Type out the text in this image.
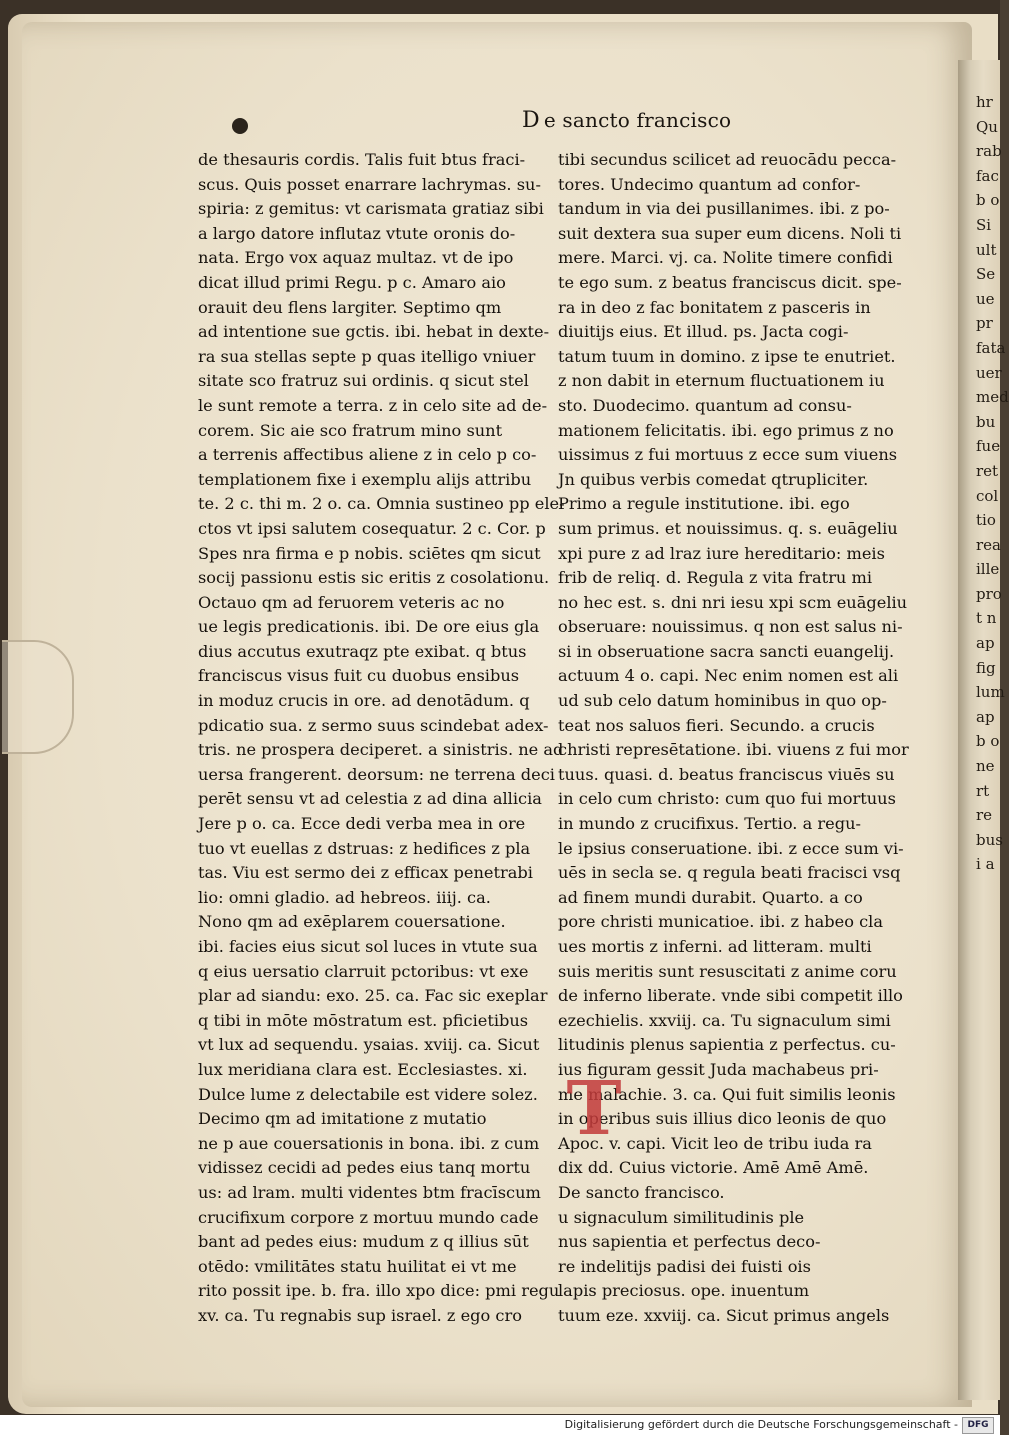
D e sancto francisco
de thesauris cordis. Talis fuit btus fraci-
scus. Quis posset enarrare lachrymas. su-
spiria: z gemitus: vt carismata gratiaz sibi
a largo datore influtaz vtute oronis do-
nata. Ergo vox aquaz multaz. vt de ipo
dicat illud primi Regu. p c. Amaro aio
orauit deu flens largiter. Septimo qm
ad intentione sue gctis. ibi. hebat in dexte-
ra sua stellas septe p quas itelligo vniuer
sitate sco fratruz sui ordinis. q sicut stel
le sunt remote a terra. z in celo site ad de-
corem. Sic aie sco fratrum mino sunt
a terrenis affectibus aliene z in celo p co-
templationem fixe i exemplu alijs attribu
te. 2 c. thi m. 2 o. ca. Omnia sustineo pp ele-
ctos vt ipsi salutem cosequatur. 2 c. Cor. p
Spes nra firma e p nobis. sciētes qm sicut
socij passionu estis sic eritis z cosolationu.
Octauo qm ad feruorem veteris ac no
ue legis predicationis. ibi. De ore eius gla
dius accutus exutraqz pte exibat. q btus
franciscus visus fuit cu duobus ensibus
in moduz crucis in ore. ad denotādum. q
pdicatio sua. z sermo suus scindebat adex-
tris. ne prospera deciperet. a sinistris. ne ad
uersa frangerent. deorsum: ne terrena deci
perēt sensu vt ad celestia z ad dina allicia
Jere p o. ca. Ecce dedi verba mea in ore
tuo vt euellas z dstruas: z hedifices z pla
tas. Viu est sermo dei z efficax penetrabi
lio: omni gladio. ad hebreos. iiij. ca.
Nono qm ad exēplarem couersatione.
ibi. facies eius sicut sol luces in vtute sua
q eius uersatio clarruit pctoribus: vt exe
plar ad siandu: exo. 25. ca. Fac sic exeplar
q tibi in mōte mōstratum est. pficietibus
vt lux ad sequendu. ysaias. xviij. ca. Sicut
lux meridiana clara est. Ecclesiastes. xi.
Dulce lume z delectabile est videre solez.
Decimo qm ad imitatione z mutatio
ne p aue couersationis in bona. ibi. z cum
vidissez cecidi ad pedes eius tanq mortu
us: ad lram. multi videntes btm fracīscum
crucifixum corpore z mortuu mundo cade
bant ad pedes eius: mudum z q illius sūt
otēdo: vmilitātes statu huilitat ei vt me
rito possit ipe. b. fra. illo xpo dice: pmi regu
xv. ca. Tu regnabis sup israel. z ego cro
tibi secundus scilicet ad reuocādu pecca-
tores. Undecimo quantum ad confor-
tandum in via dei pusillanimes. ibi. z po-
suit dextera sua super eum dicens. Noli ti
mere. Marci. vj. ca. Nolite timere confidi
te ego sum. z beatus franciscus dicit. spe-
ra in deo z fac bonitatem z pasceris in
diuitijs eius. Et illud. ps. Jacta cogi-
tatum tuum in domino. z ipse te enutriet.
z non dabit in eternum fluctuationem iu
sto. Duodecimo. quantum ad consu-
mationem felicitatis. ibi. ego primus z no
uissimus z fui mortuus z ecce sum viuens
Jn quibus verbis comedat qtrupliciter.
Primo a regule institutione. ibi. ego
sum primus. et nouissimus. q. s. euāgeliu
xpi pure z ad lraz iure hereditario: meis
frib de reliq. d. Regula z vita fratru mi
no hec est. s. dni nri iesu xpi scm euāgeliu
obseruare: nouissimus. q non est salus ni-
si in obseruatione sacra sancti euangelij.
actuum 4 o. capi. Nec enim nomen est ali
ud sub celo datum hominibus in quo op-
teat nos saluos fieri. Secundo. a crucis
christi represētatione. ibi. viuens z fui mor
tuus. quasi. d. beatus franciscus viuēs su
in celo cum christo: cum quo fui mortuus
in mundo z crucifixus. Tertio. a regu-
le ipsius conseruatione. ibi. z ecce sum vi-
uēs in secla se. q regula beati fracisci vsq
ad finem mundi durabit. Quarto. a co
pore christi municatioe. ibi. z habeo cla
ues mortis z inferni. ad litteram. multi
suis meritis sunt resuscitati z anime coru
de inferno liberate. vnde sibi competit illo
ezechielis. xxviij. ca. Tu signaculum simi
litudinis plenus sapientia z perfectus. cu-
ius figuram gessit Juda machabeus pri-
me malachie. 3. ca. Qui fuit similis leonis
in operibus suis illius dico leonis de quo
Apoc. v. capi. Vicit leo de tribu iuda ra
dix dd. Cuius victorie. Amē Amē Amē.
De sancto francisco.
u signaculum similitudinis ple
nus sapientia et perfectus deco-
re indelitijs padisi dei fuisti ois
lapis preciosus. ope. inuentum
tuum eze. xxviij. ca. Sicut primus angels
T
hr
Qu
rab
fac
b o
Si
ult
Se
ue
pr
fata
uer
med
bu
fue
ret
col
tio
rea
ille
pro
t n
ap
fig
lum
ap
b o
ne
rt
re
bus
i a
Digitalisierung gefördert durch die Deutsche Forschungsgemeinschaft -	DFG
